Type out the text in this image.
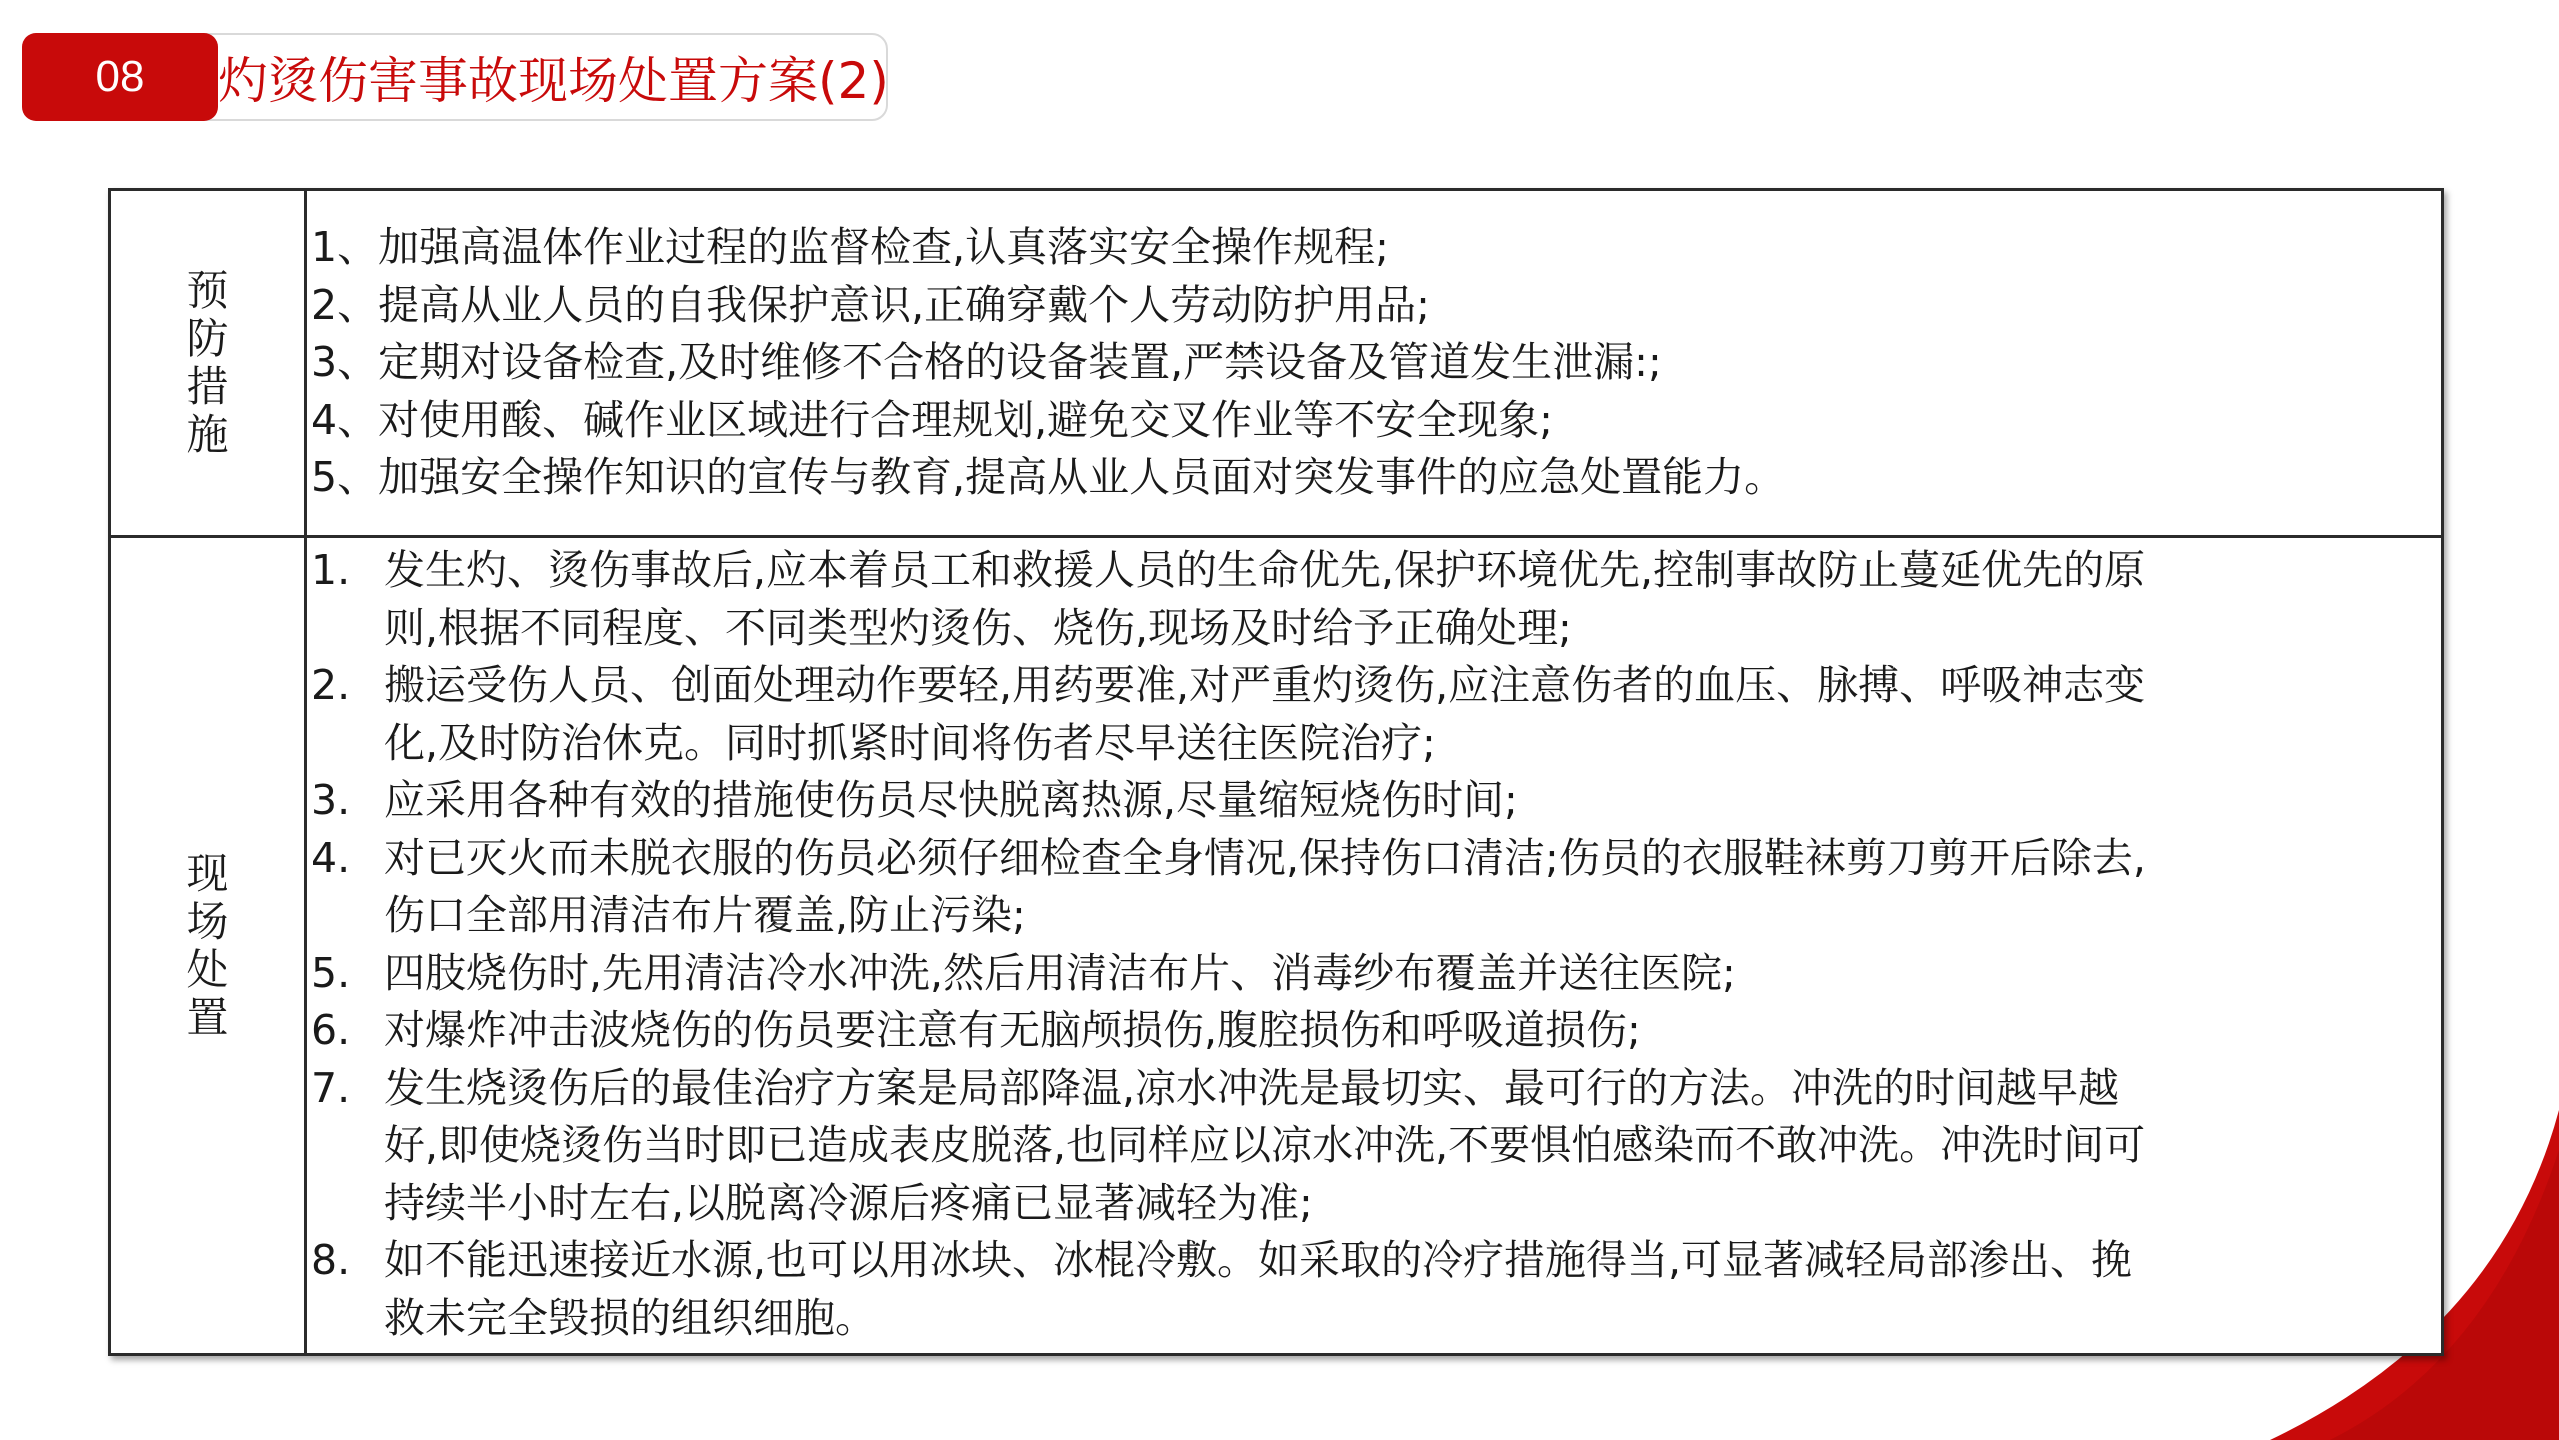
08	灼烫伤害事故现场处置方案(2)
预防措施
1、加强高温体作业过程的监督检查,认真落实安全操作规程;
2、提高从业人员的自我保护意识,正确穿戴个人劳动防护用品;
3、定期对设备检查,及时维修不合格的设备装置,严禁设备及管道发生泄漏:;
4、对使用酸、碱作业区域进行合理规划,避免交叉作业等不安全现象;
5、加强安全操作知识的宣传与教育,提高从业人员面对突发事件的应急处置能力。
现场处置
1. 发生灼、烫伤事故后,应本着员工和救援人员的生命优先,保护环境优先,控制事故防止蔓延优先的原
则,根据不同程度、不同类型灼烫伤、烧伤,现场及时给予正确处理;
2. 搬运受伤人员、创面处理动作要轻,用药要准,对严重灼烫伤,应注意伤者的血压、脉搏、呼吸神志变
化,及时防治休克。同时抓紧时间将伤者尽早送往医院治疗;
3. 应采用各种有效的措施使伤员尽快脱离热源,尽量缩短烧伤时间;
4. 对已灭火而未脱衣服的伤员必须仔细检查全身情况,保持伤口清洁;伤员的衣服鞋袜剪刀剪开后除去,
伤口全部用清洁布片覆盖,防止污染;
5. 四肢烧伤时,先用清洁冷水冲洗,然后用清洁布片、消毒纱布覆盖并送往医院;
6. 对爆炸冲击波烧伤的伤员要注意有无脑颅损伤,腹腔损伤和呼吸道损伤;
7. 发生烧烫伤后的最佳治疗方案是局部降温,凉水冲洗是最切实、最可行的方法。冲洗的时间越早越
好,即使烧烫伤当时即已造成表皮脱落,也同样应以凉水冲洗,不要惧怕感染而不敢冲洗。冲洗时间可
持续半小时左右,以脱离冷源后疼痛已显著减轻为准;
8. 如不能迅速接近水源,也可以用冰块、冰棍冷敷。如采取的冷疗措施得当,可显著减轻局部渗出、挽
救未完全毁损的组织细胞。
